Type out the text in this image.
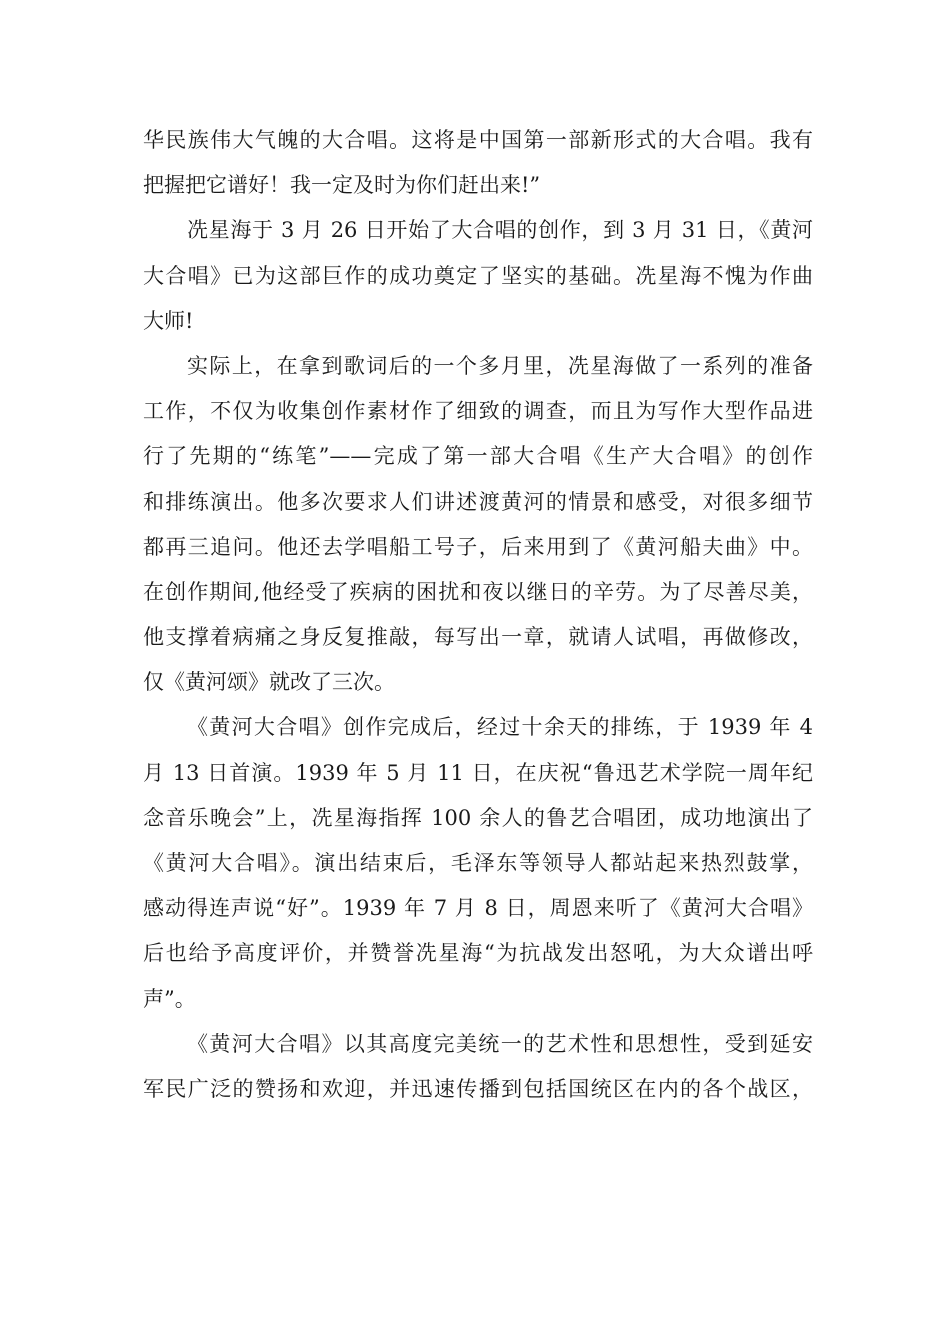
华民族伟大气魄的大合唱。这将是中国第一部新形式的大合唱。我有
把握把它谱好！我一定及时为你们赶出来!”
冼星海于 3 月 26 日开始了大合唱的创作，到 3 月 31 日，《黄河
大合唱》已为这部巨作的成功奠定了坚实的基础。冼星海不愧为作曲
大师!
实际上，在拿到歌词后的一个多月里，冼星海做了一系列的准备
工作，不仅为收集创作素材作了细致的调查，而且为写作大型作品进
行了先期的“练笔”——完成了第一部大合唱《生产大合唱》的创作
和排练演出。他多次要求人们讲述渡黄河的情景和感受，对很多细节
都再三追问。他还去学唱船工号子，后来用到了《黄河船夫曲》中。
在创作期间,他经受了疾病的困扰和夜以继日的辛劳。为了尽善尽美，
他支撑着病痛之身反复推敲，每写出一章，就请人试唱，再做修改，
仅《黄河颂》就改了三次。
《黄河大合唱》创作完成后，经过十余天的排练，于 1939 年 4
月 13 日首演。1939 年 5 月 11 日，在庆祝“鲁迅艺术学院一周年纪
念音乐晚会”上，冼星海指挥 100 余人的鲁艺合唱团，成功地演出了
《黄河大合唱》。演出结束后，毛泽东等领导人都站起来热烈鼓掌，
感动得连声说“好”。1939 年 7 月 8 日，周恩来听了《黄河大合唱》
后也给予高度评价，并赞誉冼星海“为抗战发出怒吼，为大众谱出呼
声”。
《黄河大合唱》以其高度完美统一的艺术性和思想性，受到延安
军民广泛的赞扬和欢迎，并迅速传播到包括国统区在内的各个战区，
